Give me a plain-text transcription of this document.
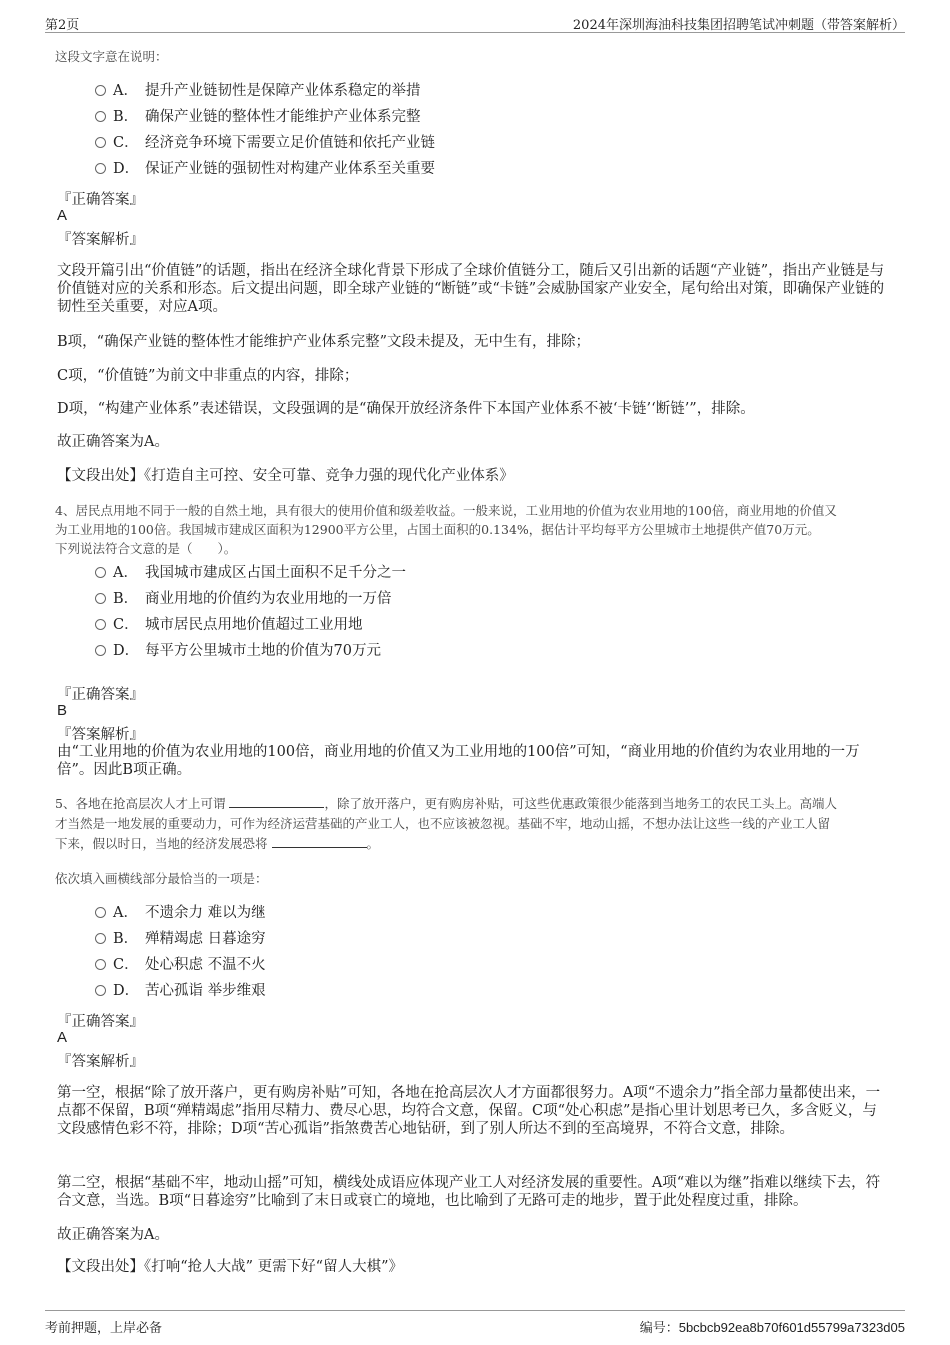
第2页	2024年深圳海油科技集团招聘笔试冲刺题（带答案解析）
这段文字意在说明：
A． 提升产业链韧性是保障产业体系稳定的举措
B． 确保产业链的整体性才能维护产业体系完整
C． 经济竞争环境下需要立足价值链和依托产业链
D． 保证产业链的强韧性对构建产业体系至关重要
『正确答案』
A
『答案解析』
文段开篇引出“价值链”的话题，指出在经济全球化背景下形成了全球价值链分工，随后又引出新的话题“产业链”，指出产业链是与价值链对应的关系和形态。后文提出问题，即全球产业链的“断链”或“卡链”会威胁国家产业安全，尾句给出对策，即确保产业链的韧性至关重要，对应A项。
B项，“确保产业链的整体性才能维护产业体系完整”文段未提及，无中生有，排除；
C项，“价值链”为前文中非重点的内容，排除；
D项，“构建产业体系”表述错误，文段强调的是“确保开放经济条件下本国产业体系不被‘卡链’‘断链’”，排除。
故正确答案为A。
【文段出处】《打造自主可控、安全可靠、竞争力强的现代化产业体系》
4、居民点用地不同于一般的自然土地，具有很大的使用价值和级差收益。一般来说，工业用地的价值为农业用地的100倍，商业用地的价值又
为工业用地的100倍。我国城市建成区面积为12900平方公里，占国土面积的0.134%，据估计平均每平方公里城市土地提供产值70万元。
下列说法符合文意的是（　　）。
A． 我国城市建成区占国土面积不足千分之一
B． 商业用地的价值约为农业用地的一万倍
C． 城市居民点用地价值超过工业用地
D． 每平方公里城市土地的价值为70万元
『正确答案』
B
『答案解析』
由“工业用地的价值为农业用地的100倍，商业用地的价值又为工业用地的100倍”可知，“商业用地的价值约为农业用地的一万倍”。因此B项正确。
5、各地在抢高层次人才上可谓	，除了放开落户，更有购房补贴，可这些优惠政策很少能落到当地务工的农民工头上。高端人
才当然是一地发展的重要动力，可作为经济运营基础的产业工人，也不应该被忽视。基础不牢，地动山摇，不想办法让这些一线的产业工人留
下来，假以时日，当地的经济发展恐将	。
依次填入画横线部分最恰当的一项是：
A． 不遗余力 难以为继
B． 殚精竭虑 日暮途穷
C． 处心积虑 不温不火
D． 苦心孤诣 举步维艰
『正确答案』
A
『答案解析』
第一空，根据“除了放开落户，更有购房补贴”可知，各地在抢高层次人才方面都很努力。A项“不遗余力”指全部力量都使出来，一点都不保留，B项“殚精竭虑”指用尽精力、费尽心思，均符合文意，保留。C项“处心积虑”是指心里计划思考已久，多含贬义，与文段感情色彩不符，排除；D项“苦心孤诣”指煞费苦心地钻研，到了别人所达不到的至高境界，不符合文意，排除。
第二空，根据“基础不牢，地动山摇”可知，横线处成语应体现产业工人对经济发展的重要性。A项“难以为继”指难以继续下去，符合文意，当选。B项“日暮途穷”比喻到了末日或衰亡的境地，也比喻到了无路可走的地步，置于此处程度过重，排除。
故正确答案为A。
【文段出处】《打响“抢人大战” 更需下好“留人大棋”》
考前押题，上岸必备	编号：5bcbcb92ea8b70f601d55799a7323d05
